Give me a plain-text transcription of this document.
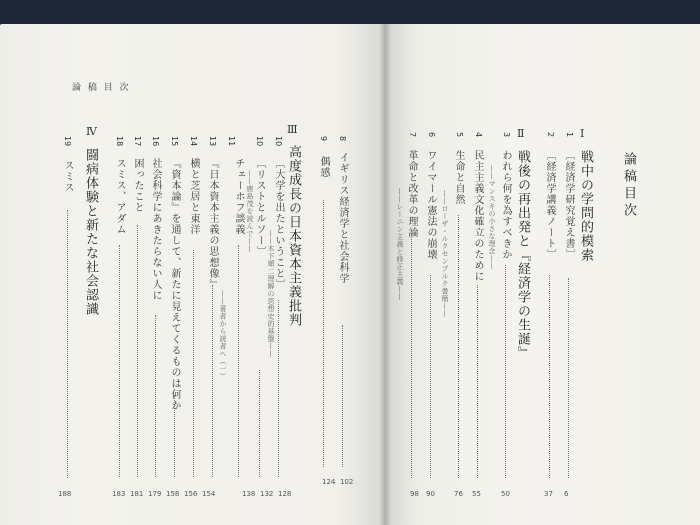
論 稿 目 次
Ⅳ
闘病体験と新たな社会認識
19
スミス
188
18
スミス、アダム
183
17
困ったこと
181
16
社会科学にあきたらない人に
179
15
『資本論』を通して、新たに見えてくるものは何か
158
14
横と芝居と東洋
156
13
『日本資本主義の思想像』
——著者から読者へ（一）
154
11
チェーホフ談義 ——鹿島茂を読んで——
138
10
〔リストとルソー〕
——木下順二理解の思想史的基盤——
132
10
〔大学を出たということ〕
128
Ⅲ
高度成長の日本資本主義批判
9
偶感
124
8
イギリス経済学と社会科学
102
論稿目次
Ⅰ
戦中の学問的模索
1
〔経済学研究覚え書〕
6
2
〔経済学講義ノート〕
37
Ⅱ
戦後の再出発と『経済学の生誕』
3
われら何を為すべきか
——マンスキの小さな理念——
50
4
民主主義文化確立のために
55
5
生命と自然
——ローザ・ルクセンブルク書簡——
76
6
ワイマール憲法の崩壊
90
7
革命と改革の理論
——レーニン主義と修正主義——
98
